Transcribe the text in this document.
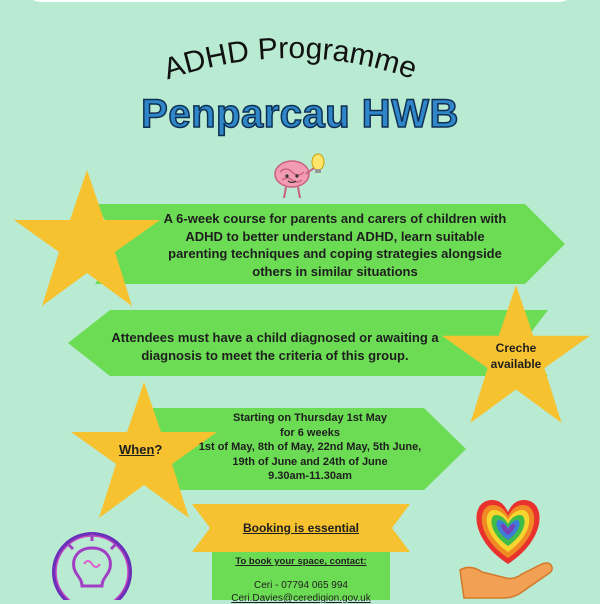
ADHD Programme
Penparcau HWB
A 6-week course for parents and carers of children with
ADHD to better understand ADHD, learn suitable
parenting techniques and coping strategies alongside
others in similar situations
Attendees must have a child diagnosed or awaiting a
diagnosis to meet the criteria of this group.	Creche
available
When?
Starting on Thursday 1st May
for 6 weeks
1st of May, 8th of May, 22nd May, 5th June,
19th of June and 24th of June
9.30am-11.30am
Booking is essential
To book your space, contact:
Ceri - 07794 065 994
Ceri.Davies@ceredigion.gov.uk
